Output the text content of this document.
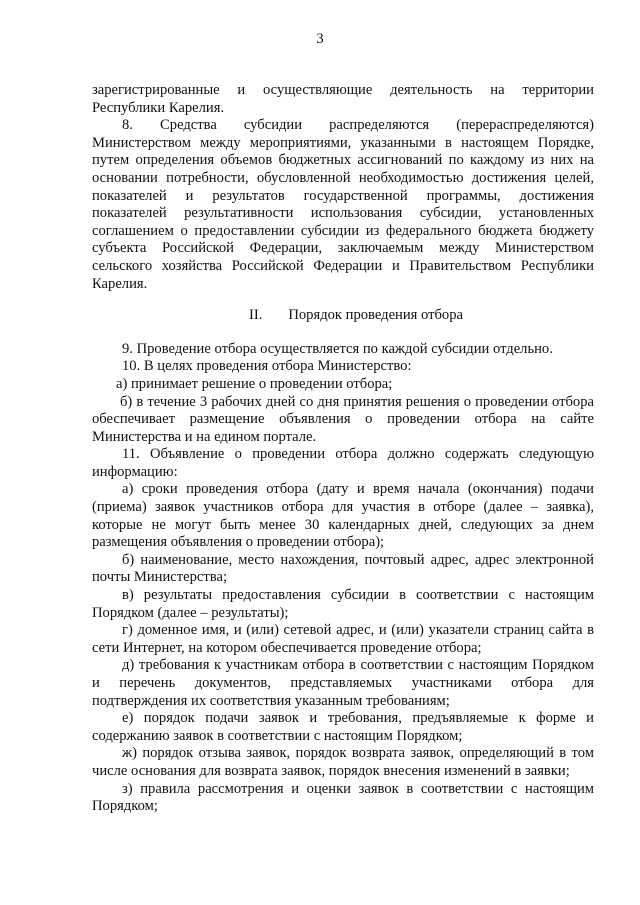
3

зарегистрированные и осуществляющие деятельность на территории Республики Карелия.

8. Средства субсидии распределяются (перераспределяются) Министерством между мероприятиями, указанными в настоящем Порядке, путем определения объемов бюджетных ассигнований по каждому из них на основании потребности, обусловленной необходимостью достижения целей, показателей и результатов государственной программы, достижения показателей результативности использования субсидии, установленных соглашением о предоставлении субсидии из федерального бюджета бюджету субъекта Российской Федерации, заключаемым между Министерством сельского хозяйства Российской Федерации и Правительством Республики Карелия.

II. Порядок проведения отбора

9. Проведение отбора осуществляется по каждой субсидии отдельно.

10. В целях проведения отбора Министерство:

а) принимает решение о проведении отбора;

б) в течение 3 рабочих дней со дня принятия решения о проведении отбора обеспечивает размещение объявления о проведении отбора на сайте Министерства и на едином портале.

11. Объявление о проведении отбора должно содержать следующую информацию:

а) сроки проведения отбора (дату и время начала (окончания) подачи (приема) заявок участников отбора для участия в отборе (далее – заявка), которые не могут быть менее 30 календарных дней, следующих за днем размещения объявления о проведении отбора);

б) наименование, место нахождения, почтовый адрес, адрес электронной почты Министерства;

в) результаты предоставления субсидии в соответствии с настоящим Порядком (далее – результаты);

г) доменное имя, и (или) сетевой адрес, и (или) указатели страниц сайта в сети Интернет, на котором обеспечивается проведение отбора;

д) требования к участникам отбора в соответствии с настоящим Порядком и перечень документов, представляемых участниками отбора для подтверждения их соответствия указанным требованиям;

е) порядок подачи заявок и требования, предъявляемые к форме и содержанию заявок в соответствии с настоящим Порядком;

ж) порядок отзыва заявок, порядок возврата заявок, определяющий в том числе основания для возврата заявок, порядок внесения изменений в заявки;

з) правила рассмотрения и оценки заявок в соответствии с настоящим Порядком;
